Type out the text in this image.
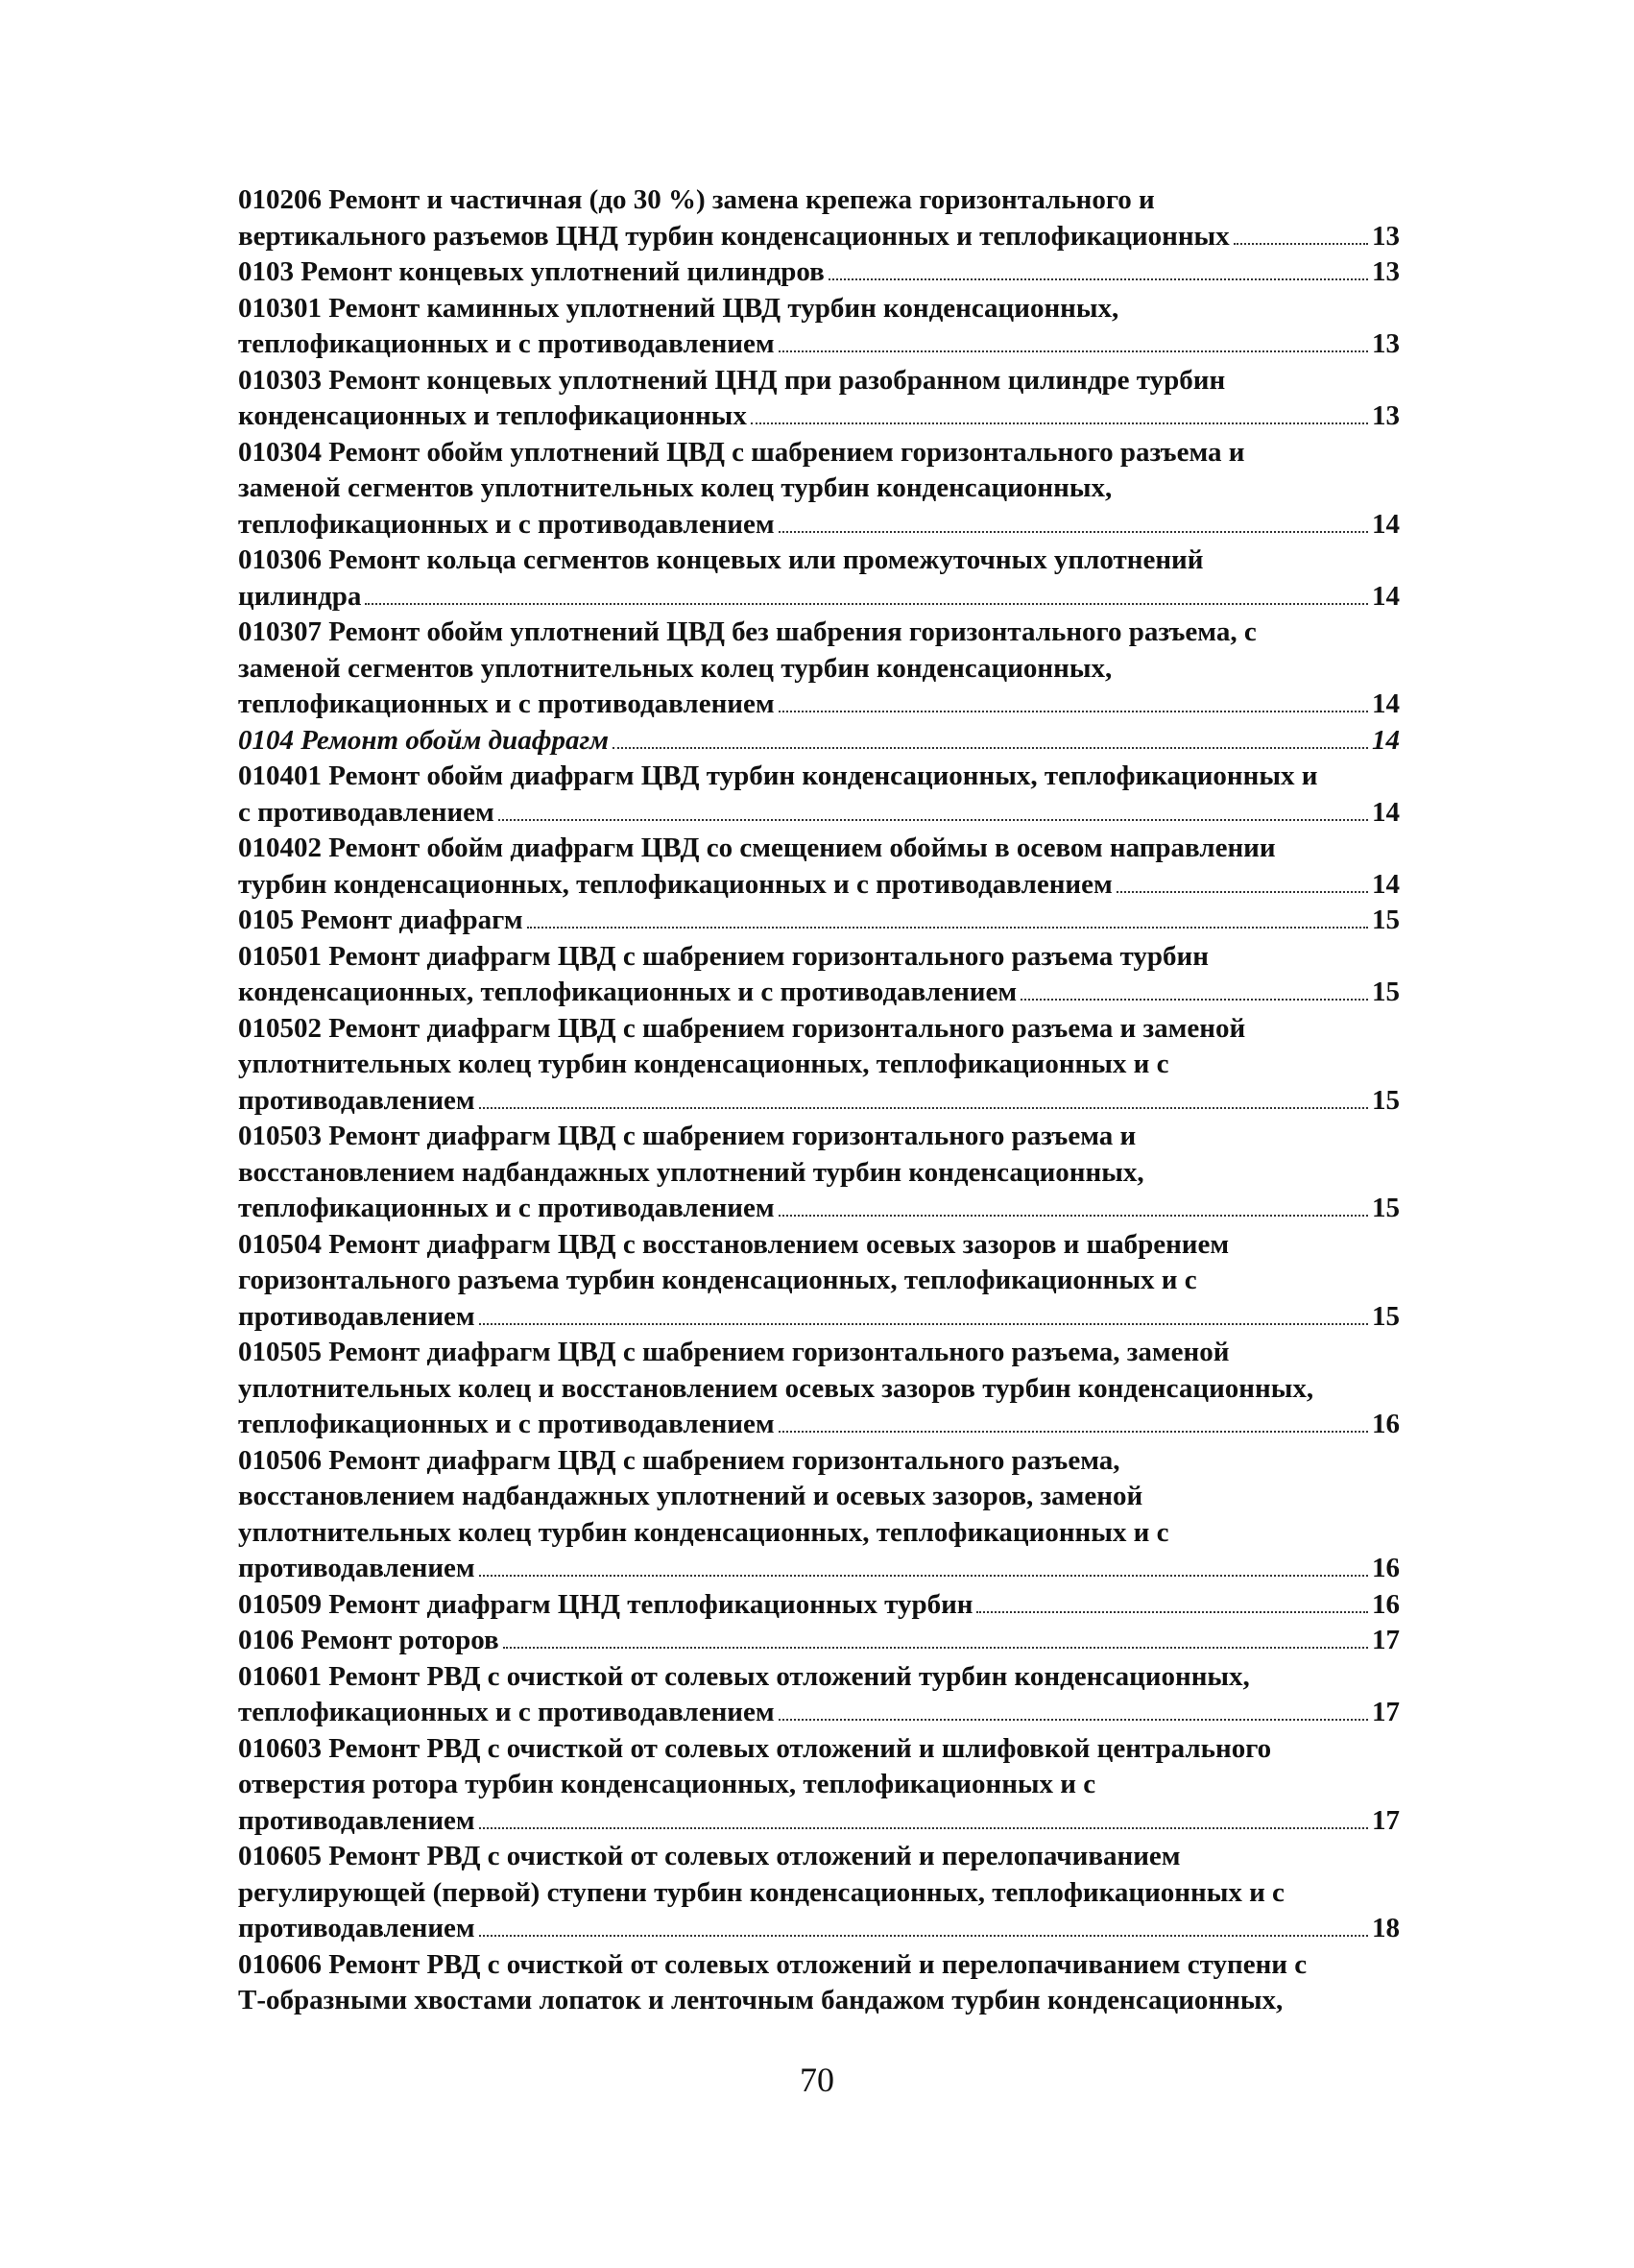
010206 Ремонт и частичная (до 30 %) замена крепежа горизонтального и
вертикального разъемов ЦНД турбин конденсационных и теплофикационных	13
0103 Ремонт концевых уплотнений цилиндров	13
010301 Ремонт каминных уплотнений ЦВД турбин конденсационных,
теплофикационных и с противодавлением	13
010303 Ремонт концевых уплотнений ЦНД при разобранном цилиндре турбин
конденсационных и теплофикационных	13
010304 Ремонт обойм уплотнений ЦВД с шабрением горизонтального разъема и
заменой сегментов уплотнительных колец турбин конденсационных,
теплофикационных и с противодавлением	14
010306 Ремонт кольца сегментов концевых или промежуточных уплотнений
цилиндра	14
010307 Ремонт обойм уплотнений ЦВД без шабрения горизонтального разъема, с
заменой сегментов уплотнительных колец турбин конденсационных,
теплофикационных и с противодавлением	14
0104 Ремонт обойм диафрагм	14
010401 Ремонт обойм диафрагм ЦВД турбин конденсационных, теплофикационных и
с противодавлением	14
010402 Ремонт обойм диафрагм ЦВД со смещением обоймы в осевом направлении
турбин конденсационных, теплофикационных и с противодавлением	14
0105 Ремонт диафрагм	15
010501 Ремонт диафрагм ЦВД с шабрением горизонтального разъема турбин
конденсационных, теплофикационных и с противодавлением	15
010502 Ремонт диафрагм ЦВД с шабрением горизонтального разъема и заменой
уплотнительных колец турбин конденсационных, теплофикационных и с
противодавлением	15
010503 Ремонт диафрагм ЦВД с шабрением горизонтального разъема и
восстановлением надбандажных уплотнений турбин конденсационных,
теплофикационных и с противодавлением	15
010504 Ремонт диафрагм ЦВД с восстановлением осевых зазоров и шабрением
горизонтального разъема турбин конденсационных, теплофикационных и с
противодавлением	15
010505 Ремонт диафрагм ЦВД с шабрением горизонтального разъема, заменой
уплотнительных колец и восстановлением осевых зазоров турбин конденсационных,
теплофикационных и с противодавлением	16
010506 Ремонт диафрагм ЦВД с шабрением горизонтального разъема,
восстановлением надбандажных уплотнений и осевых зазоров, заменой
уплотнительных колец турбин конденсационных, теплофикационных и с
противодавлением	16
010509 Ремонт диафрагм ЦНД теплофикационных турбин	16
0106 Ремонт роторов	17
010601 Ремонт РВД с очисткой от солевых отложений турбин конденсационных,
теплофикационных и с противодавлением	17
010603 Ремонт РВД с очисткой от солевых отложений и шлифовкой центрального
отверстия ротора турбин конденсационных, теплофикационных и с
противодавлением	17
010605 Ремонт РВД с очисткой от солевых отложений и перелопачиванием
регулирующей (первой) ступени турбин конденсационных, теплофикационных и с
противодавлением	18
010606 Ремонт РВД с очисткой от солевых отложений и перелопачиванием ступени с
Т-образными хвостами лопаток и ленточным бандажом турбин конденсационных,
70
